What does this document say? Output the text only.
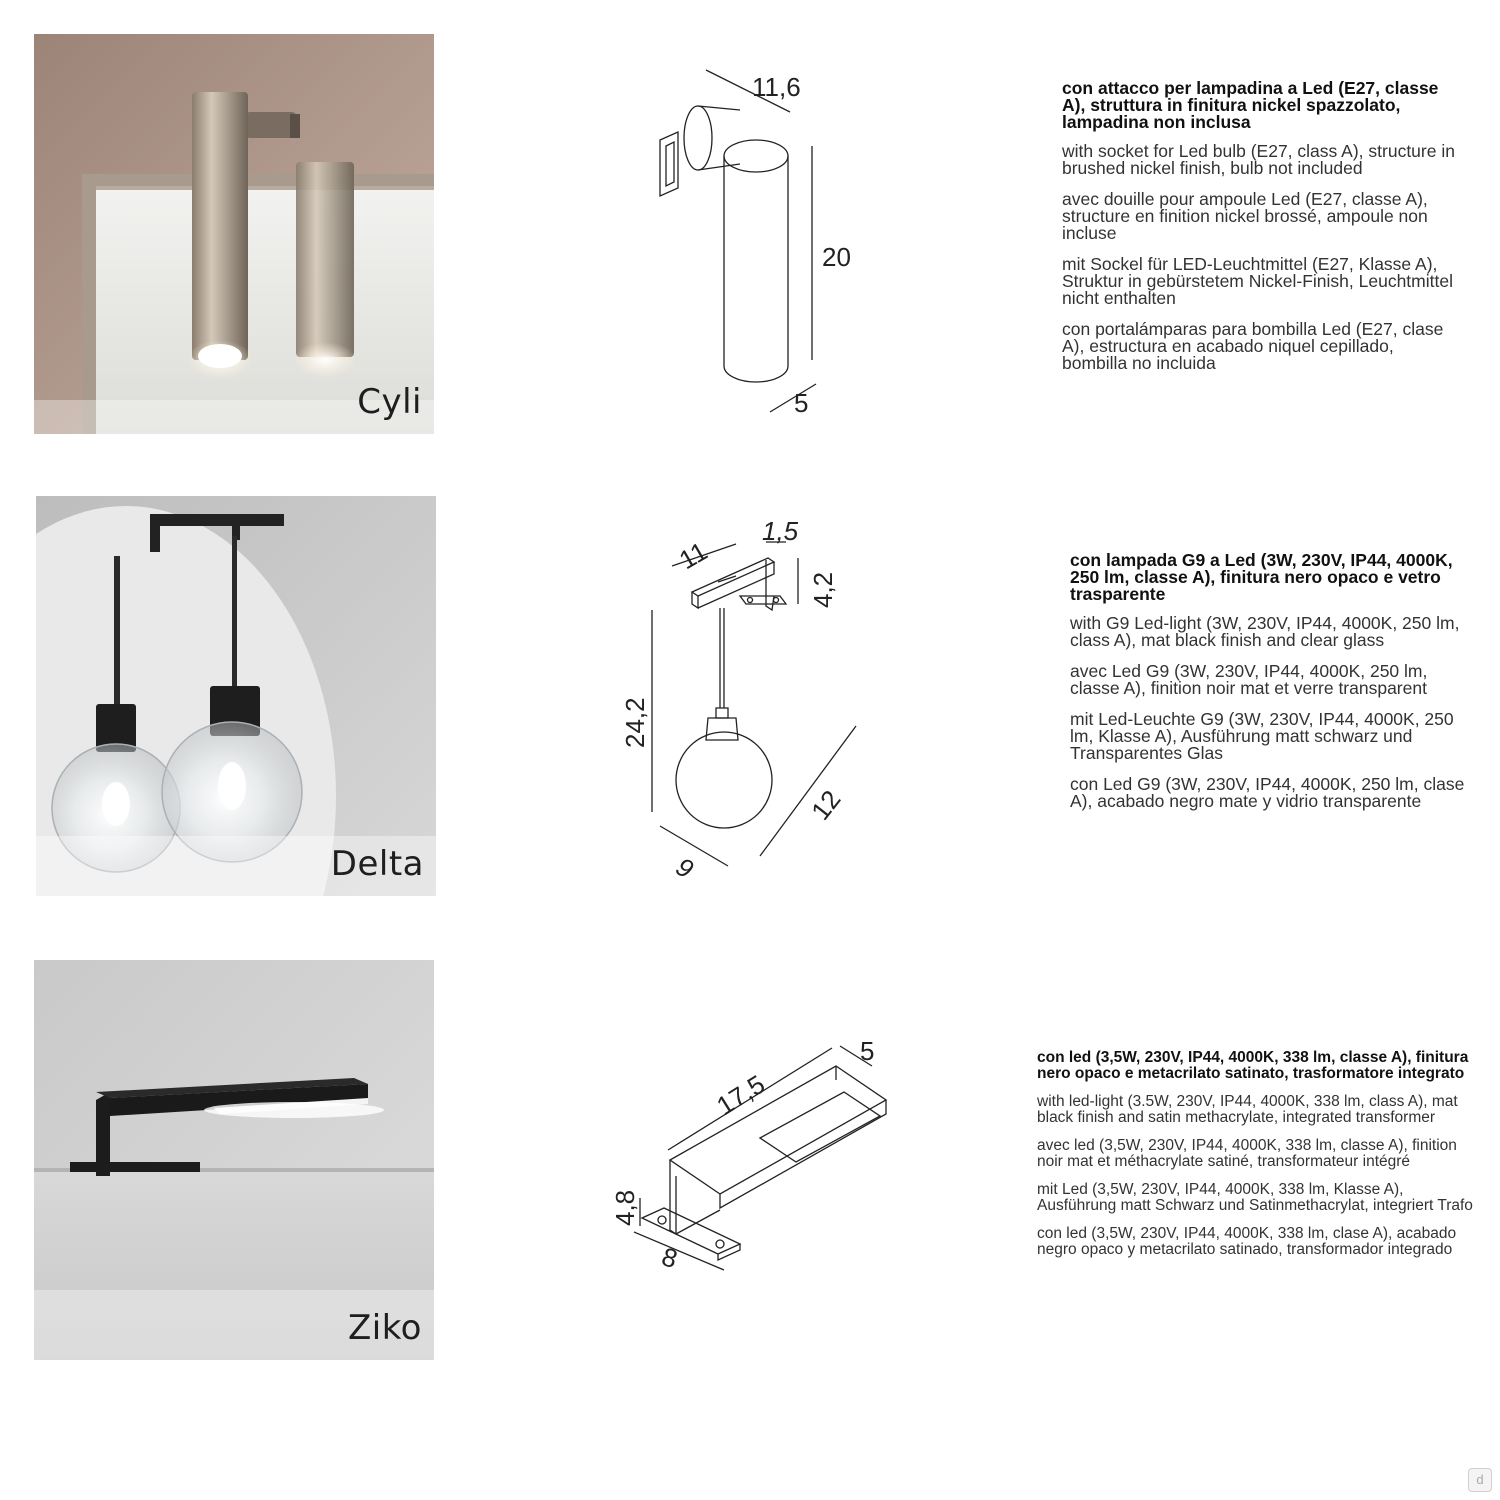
Cyli
11,6
20
5

con attacco per lampadina a Led (E27, classe A), struttura in finitura nickel spazzolato, lampadina non inclusa

with socket for Led bulb (E27, class A), structure in brushed nickel finish, bulb not included

avec douille pour ampoule Led (E27, classe A), structure en finition nickel brossé, ampoule non incluse

mit Sockel für LED-Leuchtmittel (E27, Klasse A), Struktur in gebürstetem Nickel-Finish, Leuchtmittel nicht enthalten

con portalámparas para bombilla Led (E27, clase A), estructura en acabado niquel cepillado, bombilla no incluida

Delta
11
1,5
4,2
24,2
12
9

con lampada G9 a Led (3W, 230V, IP44, 4000K, 250 lm, classe A), finitura nero opaco e vetro trasparente

with G9 Led-light (3W, 230V, IP44, 4000K, 250 lm, class A), mat black finish and clear glass

avec Led G9 (3W, 230V, IP44, 4000K, 250 lm, classe A), finition noir mat et verre transparent

mit Led-Leuchte G9 (3W, 230V, IP44, 4000K, 250 lm, Klasse A), Ausführung matt schwarz und Transparentes Glas

con Led G9 (3W, 230V, IP44, 4000K, 250 lm, clase A), acabado negro mate y vidrio transparente

Ziko
17,5
5
4,8
8

con led (3,5W, 230V, IP44, 4000K, 338 lm, classe A), finitura nero opaco e metacrilato satinato, trasformatore integrato

with led-light (3.5W, 230V, IP44, 4000K, 338 lm, class A), mat black finish and satin methacrylate, integrated transformer

avec led (3,5W, 230V, IP44, 4000K, 338 lm, classe A), finition noir mat et méthacrylate satiné, transformateur intégré

mit Led (3,5W, 230V, IP44, 4000K, 338 lm, Klasse A), Ausführung matt Schwarz und Satinmethacrylat, integriert Trafo

con led (3,5W, 230V, IP44, 4000K, 338 lm, clase A), acabado negro opaco y metacrilato satinado, transformador integrado

d
